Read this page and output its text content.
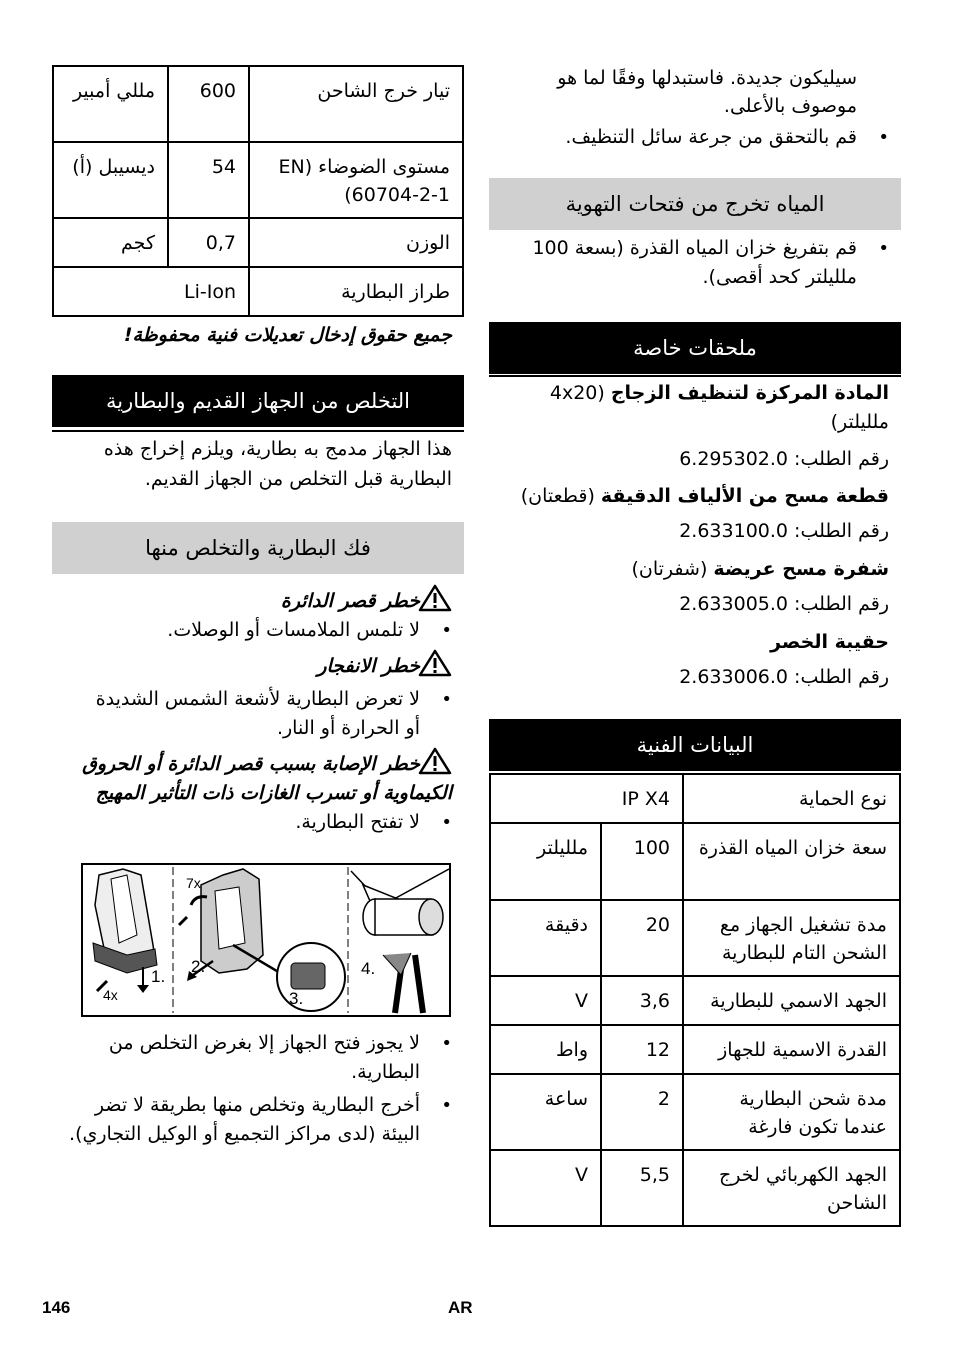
تيار خرج الشاحن	600	مللي أمبير
مستوى الضوضاء (EN 60704-2-1)	54	ديسيبل (أ)
الوزن	0,7	كجم
طراز البطارية	Li-Ion	

جميع حقوق إدخال تعديلات فنية محفوظة!

التخلص من الجهاز القديم والبطارية

هذا الجهاز مدمج به بطارية، ويلزم إخراج هذه البطارية قبل التخلص من الجهاز القديم.

فك البطارية والتخلص منها
خطر قصر الدائرة
• لا تلمس الملامسات أو الوصلات.
خطر الانفجار
• لا تعرض البطارية لأشعة الشمس الشديدة أو الحرارة أو النار.
خطر الإصابة بسبب قصر الدائرة أو الحروق الكيماوية أو تسرب الغازات ذات التأثير المهيج
• لا تفتح البطارية.
4x
7x
1.
2.
3.
4.
• لا يجوز فتح الجهاز إلا بغرض التخلص من البطارية.
• أخرج البطارية وتخلص منها بطريقة لا تضر البيئة (لدى مراكز التجميع أو الوكيل التجاري).

سيليكون جديدة. فاستبدلها وفقًا لما هو موصوف بالأعلى.

• قم بالتحقق من جرعة سائل التنظيف.
المياه تخرج من فتحات التهوية
• قم بتفريغ خزان المياه القذرة (بسعة 100 ملليلتر كحد أقصى).
ملحقات خاصة
المادة المركزة لتنظيف الزجاج (4x20 ملليلتر)

رقم الطلب: 6.295302.0

قطعة مسح من الألياف الدقيقة (قطعتان)

رقم الطلب: 2.633100.0

شفرة مسح عريضة (شفرتان)

رقم الطلب: 2.633005.0

حقيبة الخصر

رقم الطلب: 2.633006.0

البيانات الفنية
نوع الحماية	IP X4	
سعة خزان المياه القذرة	100	ملليلتر
مدة تشغيل الجهاز مع الشحن التام للبطارية	20	دقيقة
الجهد الاسمي للبطارية	3,6	V
القدرة الاسمية للجهاز	12	واط
مدة شحن البطارية عندما تكون فارغة	2	ساعة
الجهد الكهربائي لخرج الشاحن	5,5	V
146	AR
